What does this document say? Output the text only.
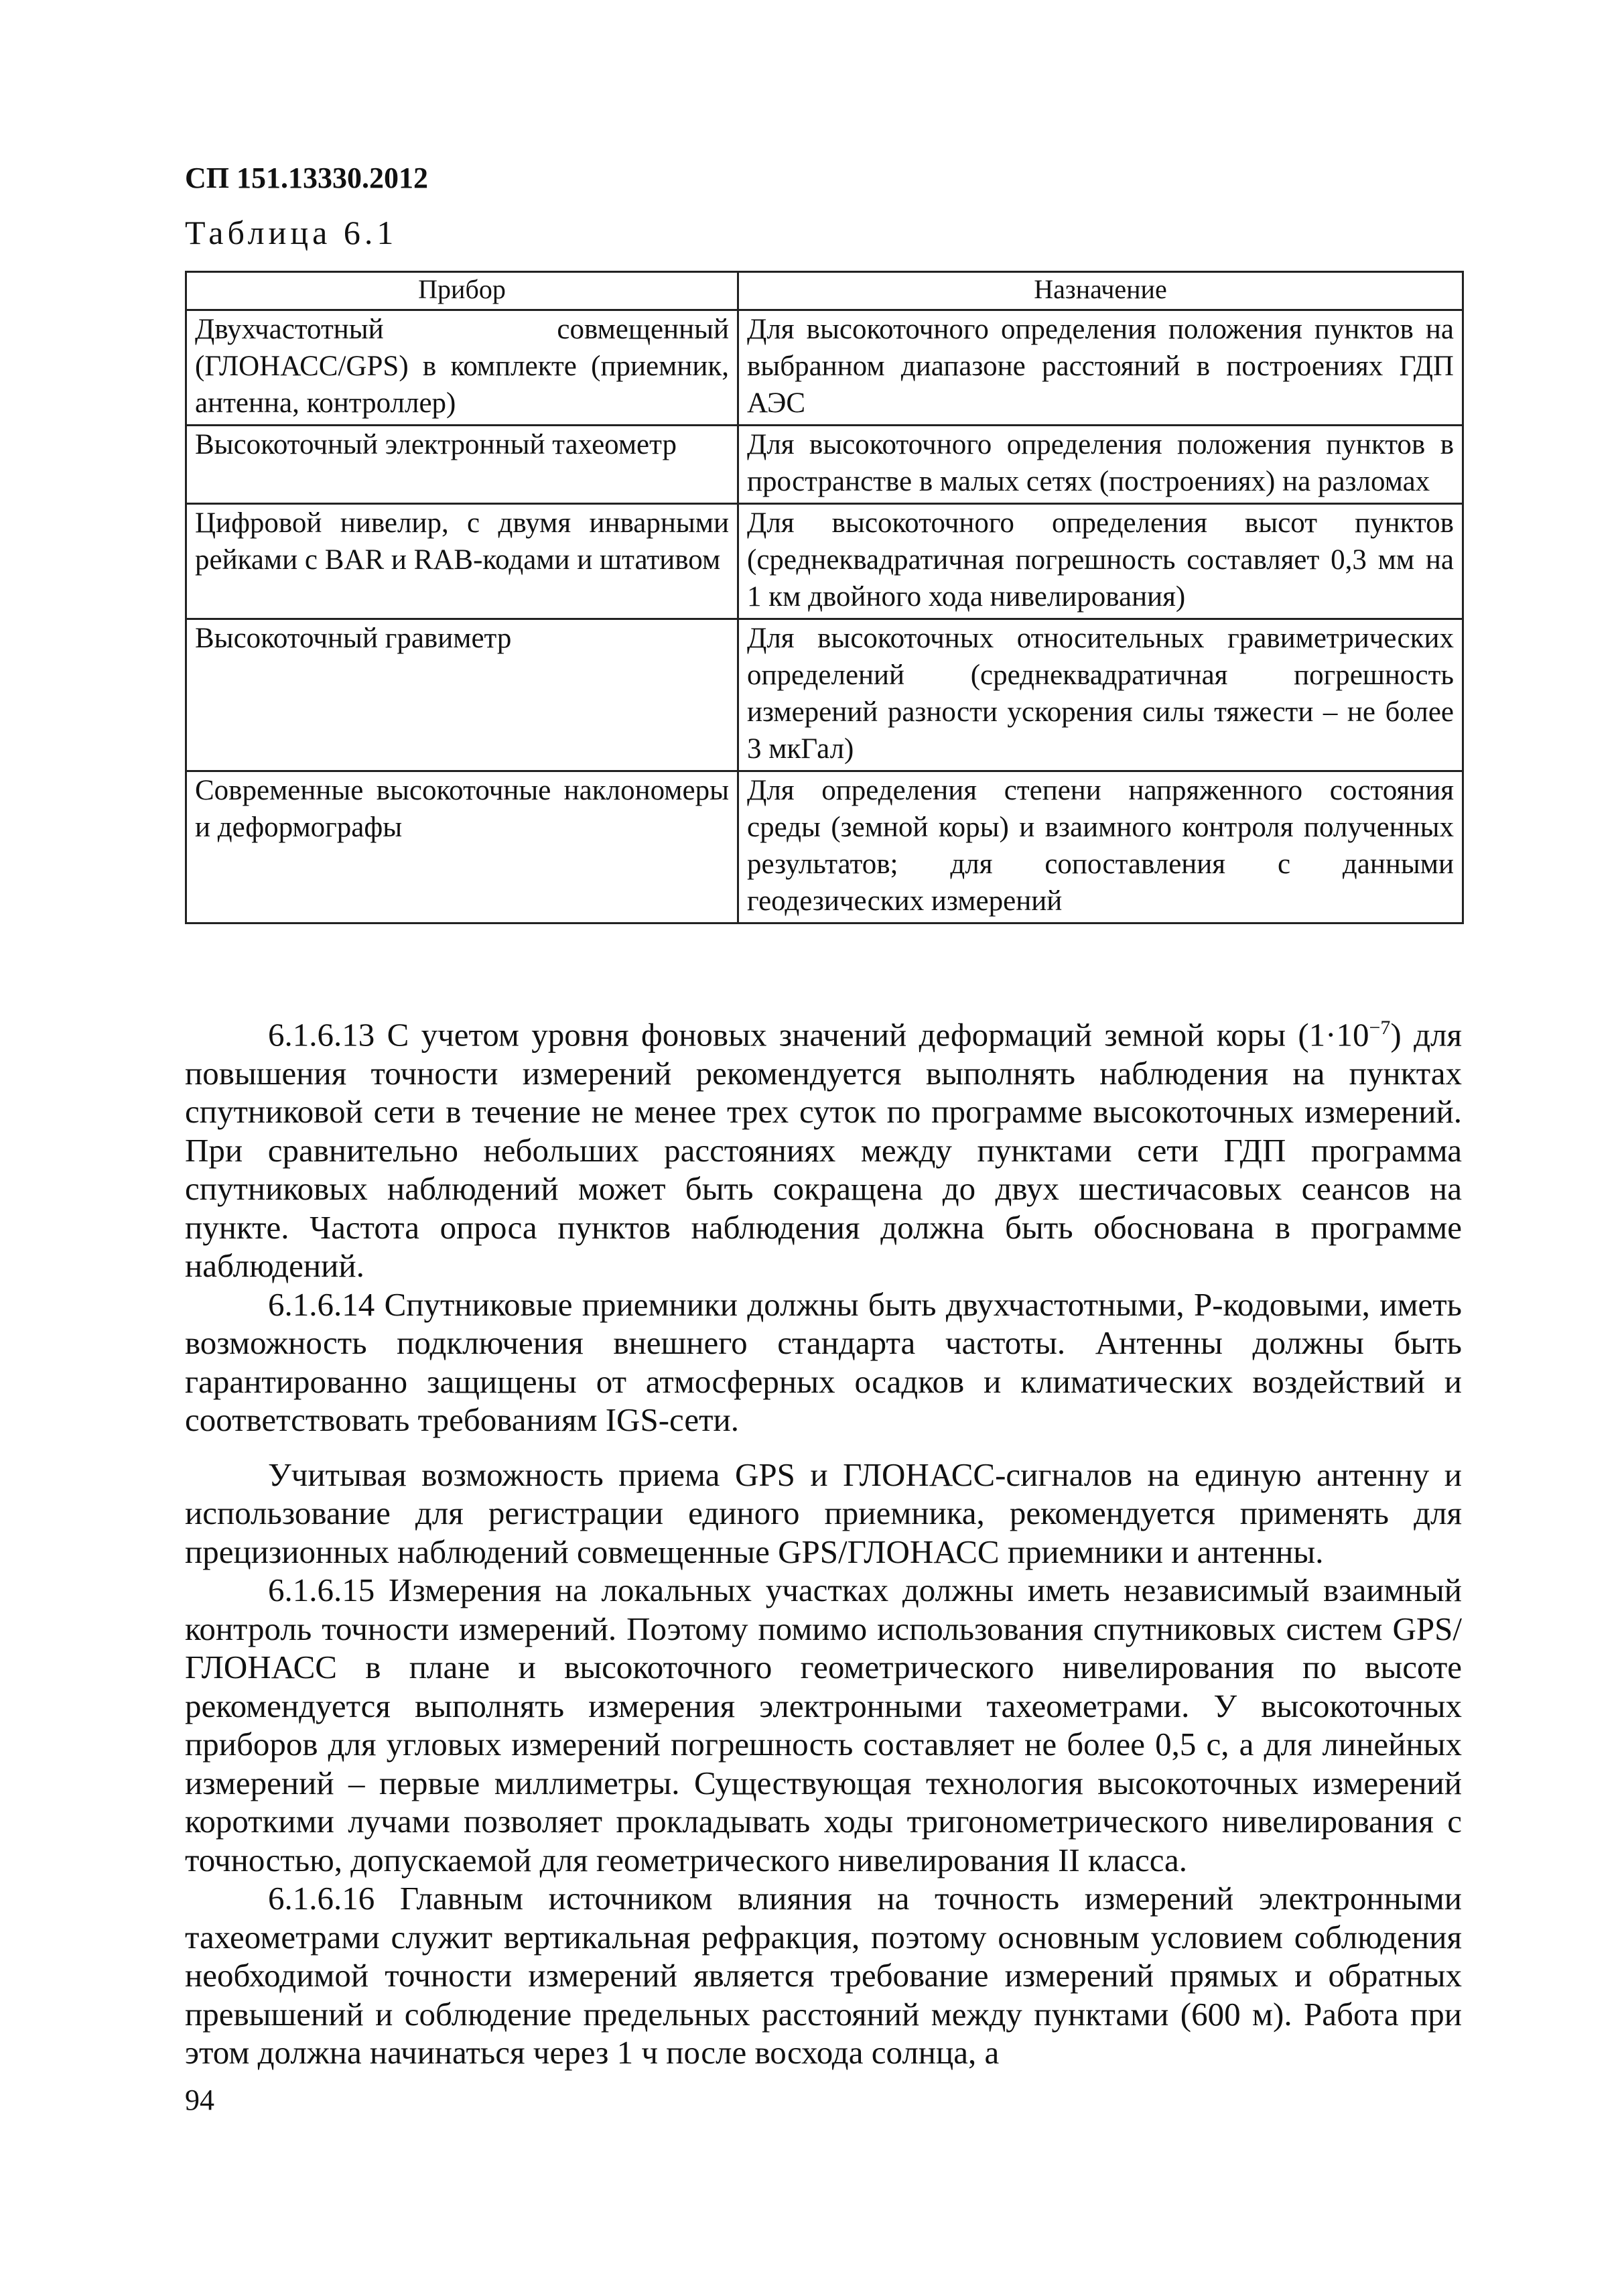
СП 151.13330.2012
Таблица 6.1
Прибор	Назначение
Двухчастотный совмещенный (ГЛОНАСС/GPS) в комплекте (приемник, антенна, контроллер)	Для высокоточного определения положения пунктов на выбранном диапазоне расстояний в построениях ГДП АЭС
Высокоточный электронный тахеометр	Для высокоточного определения положения пунктов в пространстве в малых сетях (построениях) на разломах
Цифровой нивелир, с двумя инварными рейками с BAR и RAB-кодами и штативом	Для высокоточного определения высот пунктов (среднеквадратичная погрешность составляет 0,3 мм на 1 км двойного хода нивелирования)
Высокоточный гравиметр	Для высокоточных относительных гравиметрических определений (среднеквадратичная погрешность измерений разности ускорения силы тяжести – не более 3 мкГал)
Современные высокоточные наклономеры и деформографы	Для определения степени напряженного состояния среды (земной коры) и взаимного контроля полученных результатов; для сопоставления с данными геодезических измерений

6.1.6.13 С учетом уровня фоновых значений деформаций земной коры $(1\cdot 10^{-7})$ для повышения точности измерений рекомендуется выполнять наблюдения на пунктах спутниковой сети в течение не менее трех суток по программе высокоточных измерений. При сравнительно небольших расстояниях между пунктами сети ГДП программа спутниковых наблюдений может быть сокращена до двух шестичасовых сеансов на пункте. Частота опроса пунктов наблюдения должна быть обоснована в программе наблюдений.

6.1.6.14 Спутниковые приемники должны быть двухчастотными, Р-кодовыми, иметь возможность подключения внешнего стандарта частоты. Антенны должны быть гарантированно защищены от атмосферных осадков и климатических воздействий и соответствовать требованиям IGS-сети.

Учитывая возможность приема GPS и ГЛОНАСС-сигналов на единую антенну и использование для регистрации единого приемника, рекомендуется применять для прецизионных наблюдений совмещенные GPS/ГЛОНАСС приемники и антенны.

6.1.6.15 Измерения на локальных участках должны иметь независимый взаимный контроль точности измерений. Поэтому помимо использования спутниковых систем GPS/ГЛОНАСС в плане и высокоточного геометрического нивелирования по высоте рекомендуется выполнять измерения электронными тахеометрами. У высокоточных приборов для угловых измерений погрешность составляет не более 0,5 с, а для линейных измерений – первые миллиметры. Существующая технология высокоточных измерений короткими лучами позволяет прокладывать ходы тригонометрического нивелирования с точностью, допускаемой для геометрического нивелирования II класса.

6.1.6.16 Главным источником влияния на точность измерений электронными тахеометрами служит вертикальная рефракция, поэтому основным условием соблюдения необходимой точности измерений является требование измерений прямых и обратных превышений и соблюдение предельных расстояний между пунктами (600 м). Работа при этом должна начинаться через 1 ч после восхода солнца, а

94
